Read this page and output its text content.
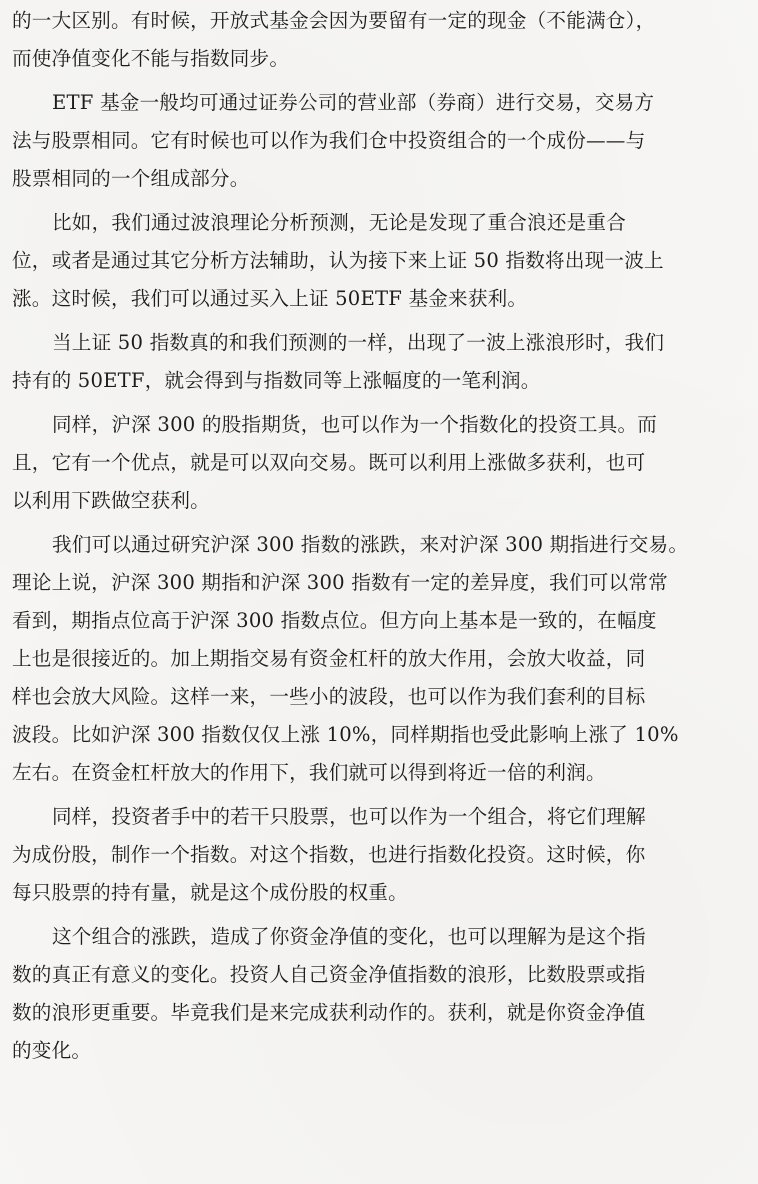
的一大区别。有时候，开放式基金会因为要留有一定的现金（不能满仓），
而使净值变化不能与指数同步。

ETF 基金一般均可通过证券公司的营业部（券商）进行交易，交易方
法与股票相同。它有时候也可以作为我们仓中投资组合的一个成份——与
股票相同的一个组成部分。

比如，我们通过波浪理论分析预测，无论是发现了重合浪还是重合
位，或者是通过其它分析方法辅助，认为接下来上证 50 指数将出现一波上
涨。这时候，我们可以通过买入上证 50ETF 基金来获利。

当上证 50 指数真的和我们预测的一样，出现了一波上涨浪形时，我们
持有的 50ETF，就会得到与指数同等上涨幅度的一笔利润。

同样，沪深 300 的股指期货，也可以作为一个指数化的投资工具。而
且，它有一个优点，就是可以双向交易。既可以利用上涨做多获利，也可
以利用下跌做空获利。

我们可以通过研究沪深 300 指数的涨跌，来对沪深 300 期指进行交易。
理论上说，沪深 300 期指和沪深 300 指数有一定的差异度，我们可以常常
看到，期指点位高于沪深 300 指数点位。但方向上基本是一致的，在幅度
上也是很接近的。加上期指交易有资金杠杆的放大作用，会放大收益，同
样也会放大风险。这样一来，一些小的波段，也可以作为我们套利的目标
波段。比如沪深 300 指数仅仅上涨 10%，同样期指也受此影响上涨了 10%
左右。在资金杠杆放大的作用下，我们就可以得到将近一倍的利润。

同样，投资者手中的若干只股票，也可以作为一个组合，将它们理解
为成份股，制作一个指数。对这个指数，也进行指数化投资。这时候，你
每只股票的持有量，就是这个成份股的权重。

这个组合的涨跌，造成了你资金净值的变化，也可以理解为是这个指
数的真正有意义的变化。投资人自己资金净值指数的浪形，比数股票或指
数的浪形更重要。毕竟我们是来完成获利动作的。获利，就是你资金净值
的变化。
